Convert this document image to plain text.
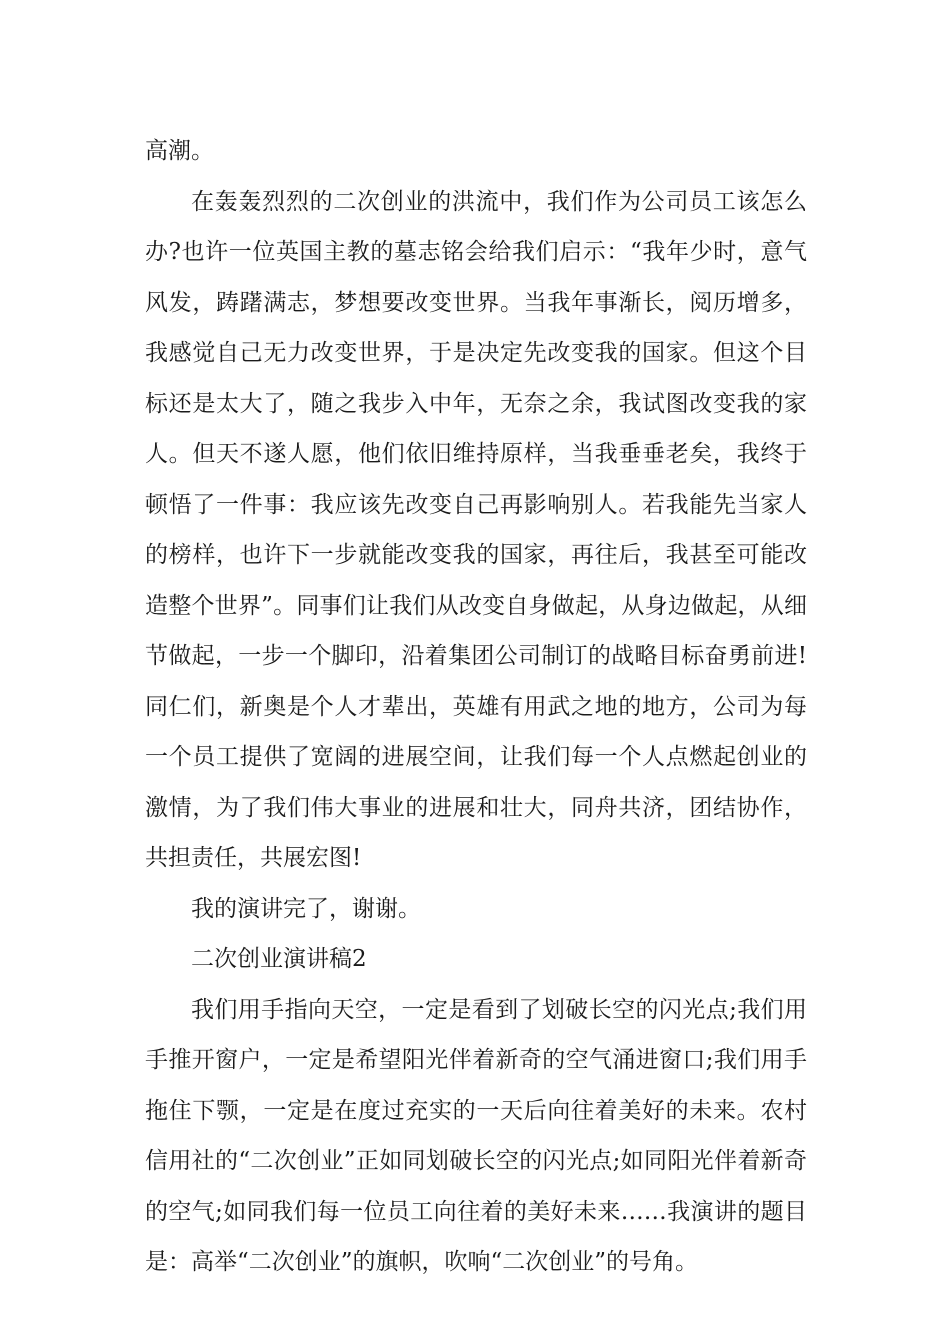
高潮。

在轰轰烈烈的二次创业的洪流中，我们作为公司员工该怎么办?也许一位英国主教的墓志铭会给我们启示：“我年少时，意气风发，踌躇满志，梦想要改变世界。当我年事渐长，阅历增多，我感觉自己无力改变世界，于是决定先改变我的国家。但这个目标还是太大了，随之我步入中年，无奈之余，我试图改变我的家人。但天不遂人愿，他们依旧维持原样，当我垂垂老矣，我终于顿悟了一件事：我应该先改变自己再影响别人。若我能先当家人的榜样，也许下一步就能改变我的国家，再往后，我甚至可能改造整个世界”。同事们让我们从改变自身做起，从身边做起，从细节做起，一步一个脚印，沿着集团公司制订的战略目标奋勇前进!同仁们，新奥是个人才辈出，英雄有用武之地的地方，公司为每一个员工提供了宽阔的进展空间，让我们每一个人点燃起创业的激情，为了我们伟大事业的进展和壮大，同舟共济，团结协作，共担责任，共展宏图!

我的演讲完了，谢谢。

二次创业演讲稿2

我们用手指向天空，一定是看到了划破长空的闪光点;我们用手推开窗户，一定是希望阳光伴着新奇的空气涌进窗口;我们用手拖住下颚，一定是在度过充实的一天后向往着美好的未来。农村信用社的“二次创业”正如同划破长空的闪光点;如同阳光伴着新奇的空气;如同我们每一位员工向往着的美好未来……我演讲的题目是：高举“二次创业”的旗帜，吹响“二次创业”的号角。
